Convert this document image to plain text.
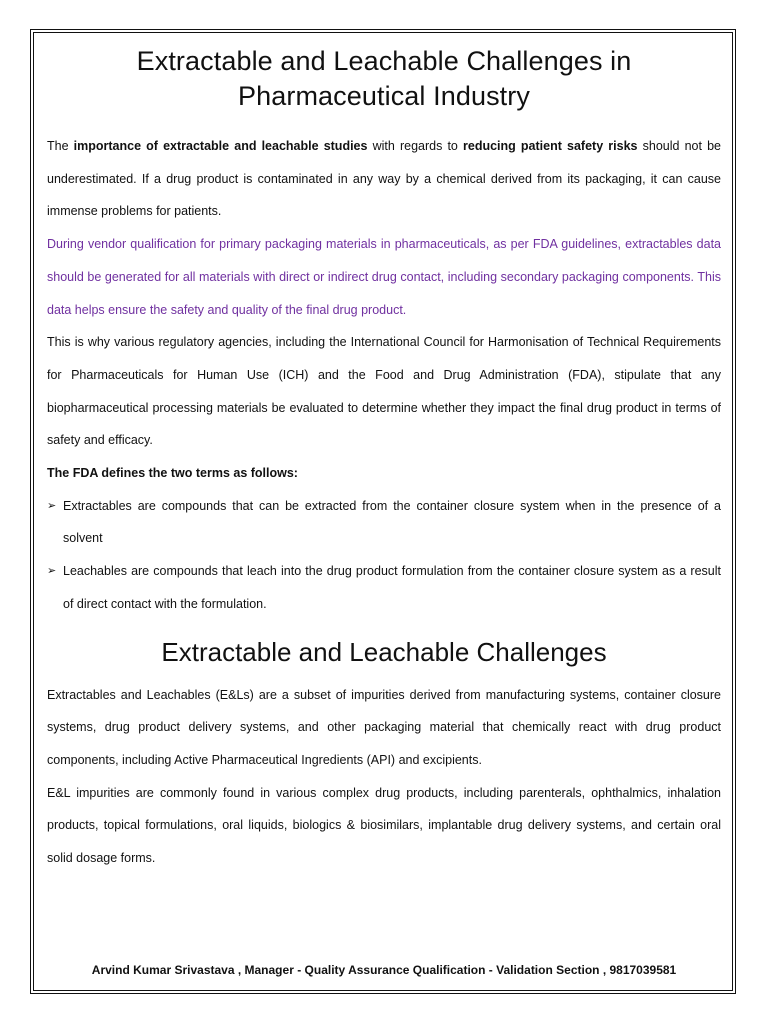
Extractable and Leachable Challenges in Pharmaceutical Industry

The importance of extractable and leachable studies with regards to reducing patient safety risks should not be underestimated. If a drug product is contaminated in any way by a chemical derived from its packaging, it can cause immense problems for patients.

During vendor qualification for primary packaging materials in pharmaceuticals, as per FDA guidelines, extractables data should be generated for all materials with direct or indirect drug contact, including secondary packaging components. This data helps ensure the safety and quality of the final drug product.

This is why various regulatory agencies, including the International Council for Harmonisation of Technical Requirements for Pharmaceuticals for Human Use (ICH) and the Food and Drug Administration (FDA), stipulate that any biopharmaceutical processing materials be evaluated to determine whether they impact the final drug product in terms of safety and efficacy.

The FDA defines the two terms as follows:

➢ Extractables are compounds that can be extracted from the container closure system when in the presence of a solvent
➢ Leachables are compounds that leach into the drug product formulation from the container closure system as a result of direct contact with the formulation.
Extractable and Leachable Challenges

Extractables and Leachables (E&Ls) are a subset of impurities derived from manufacturing systems, container closure systems, drug product delivery systems, and other packaging material that chemically react with drug product components, including Active Pharmaceutical Ingredients (API) and excipients.

E&L impurities are commonly found in various complex drug products, including parenterals, ophthalmics, inhalation products, topical formulations, oral liquids, biologics & biosimilars, implantable drug delivery systems, and certain oral solid dosage forms.

Arvind Kumar Srivastava , Manager - Quality Assurance Qualification - Validation Section , 9817039581
